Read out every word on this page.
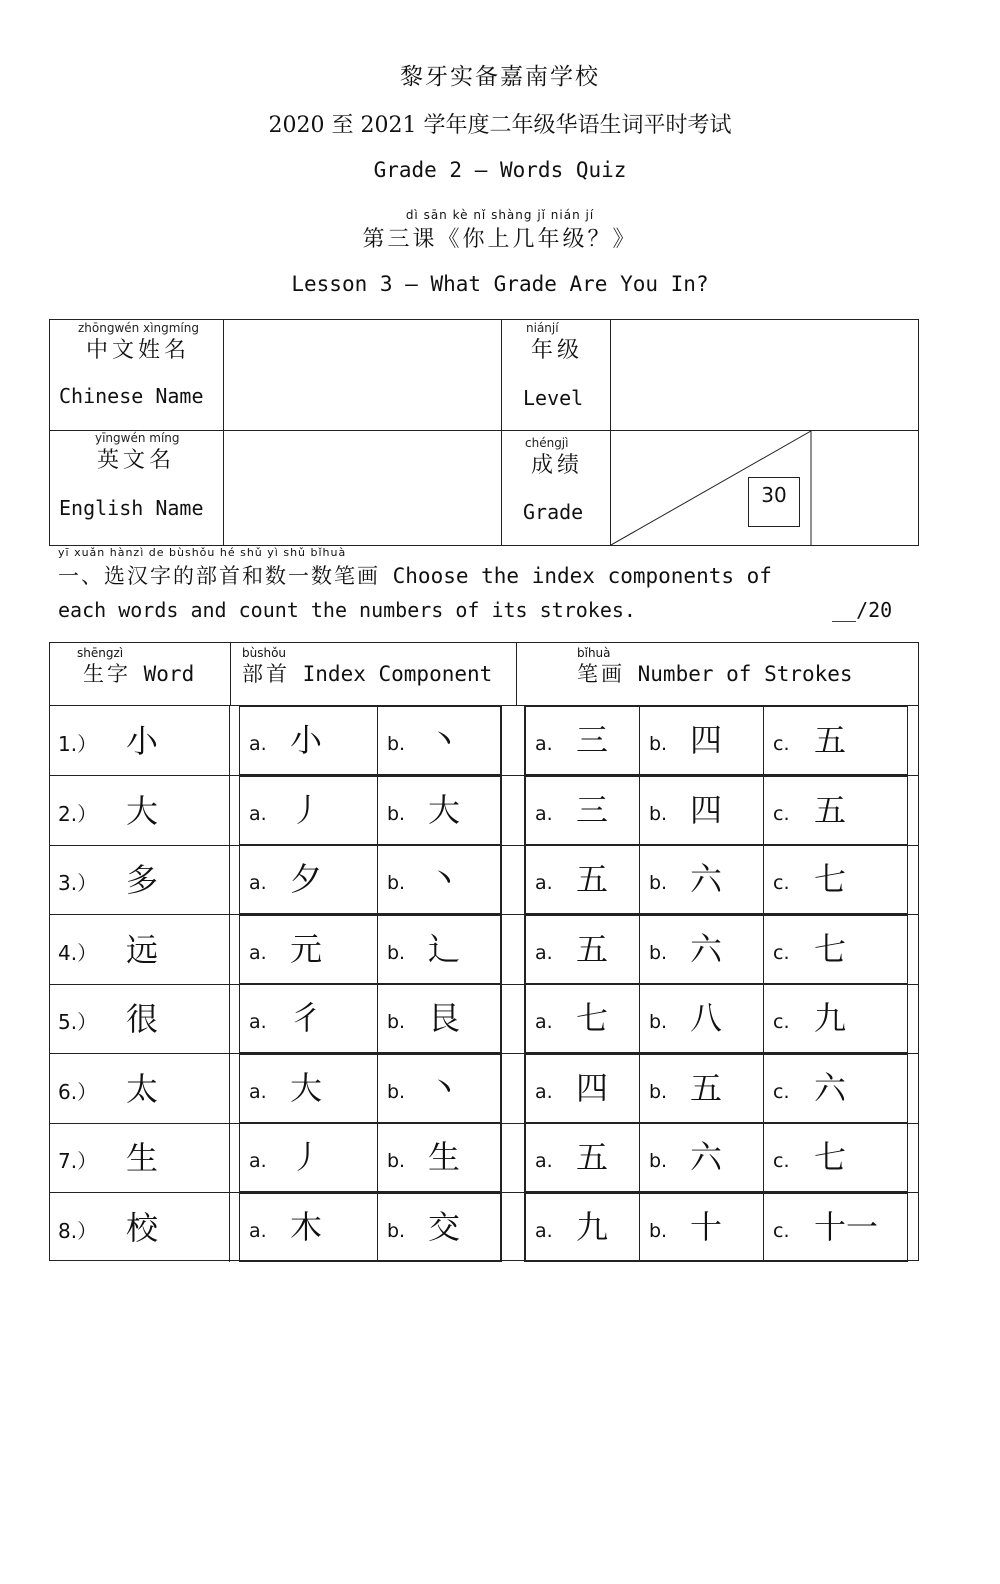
黎牙实备嘉南学校
2020 至 2021 学年度二年级华语生词平时考试
Grade 2 – Words Quiz
dì sān kè nǐ shàng jǐ nián jí
第三课《你上几年级？》
Lesson 3 – What Grade Are You In?
zhōngwén xìngmíng
中文姓名
Chinese Name
niánjí
年级
Level
yīngwén míng
英文名
English Name
chéngjì
成绩
Grade
30
yī xuǎn hànzì de bùshǒu hé shǔ yì shǔ bǐhuà
一、选汉字的部首和数一数笔画 Choose the index components of
each words and count the numbers of its strokes.	__/20
shēngzì
生字 Word
bùshǒu
部首 Index Component
bǐhuà
笔画 Number of Strokes
1.） 小	a. 小	b. 丶	a. 三 b. 四	c. 五
2.） 大	a. 丿	b. 大	a. 三 b. 四	c. 五
3.） 多	a. 夕	b. 丶	a. 五 b. 六	c. 七
4.） 远	a. 元	b. 辶	a. 五 b. 六	c. 七
5.） 很	a. 彳	b. 艮	a. 七 b. 八	c. 九
6.） 太	a. 大	b. 丶	a. 四 b. 五	c. 六
7.） 生	a. 丿	b. 生	a. 五 b. 六	c. 七
8.） 校	a. 木	b. 交	a. 九 b. 十	c. 十一
